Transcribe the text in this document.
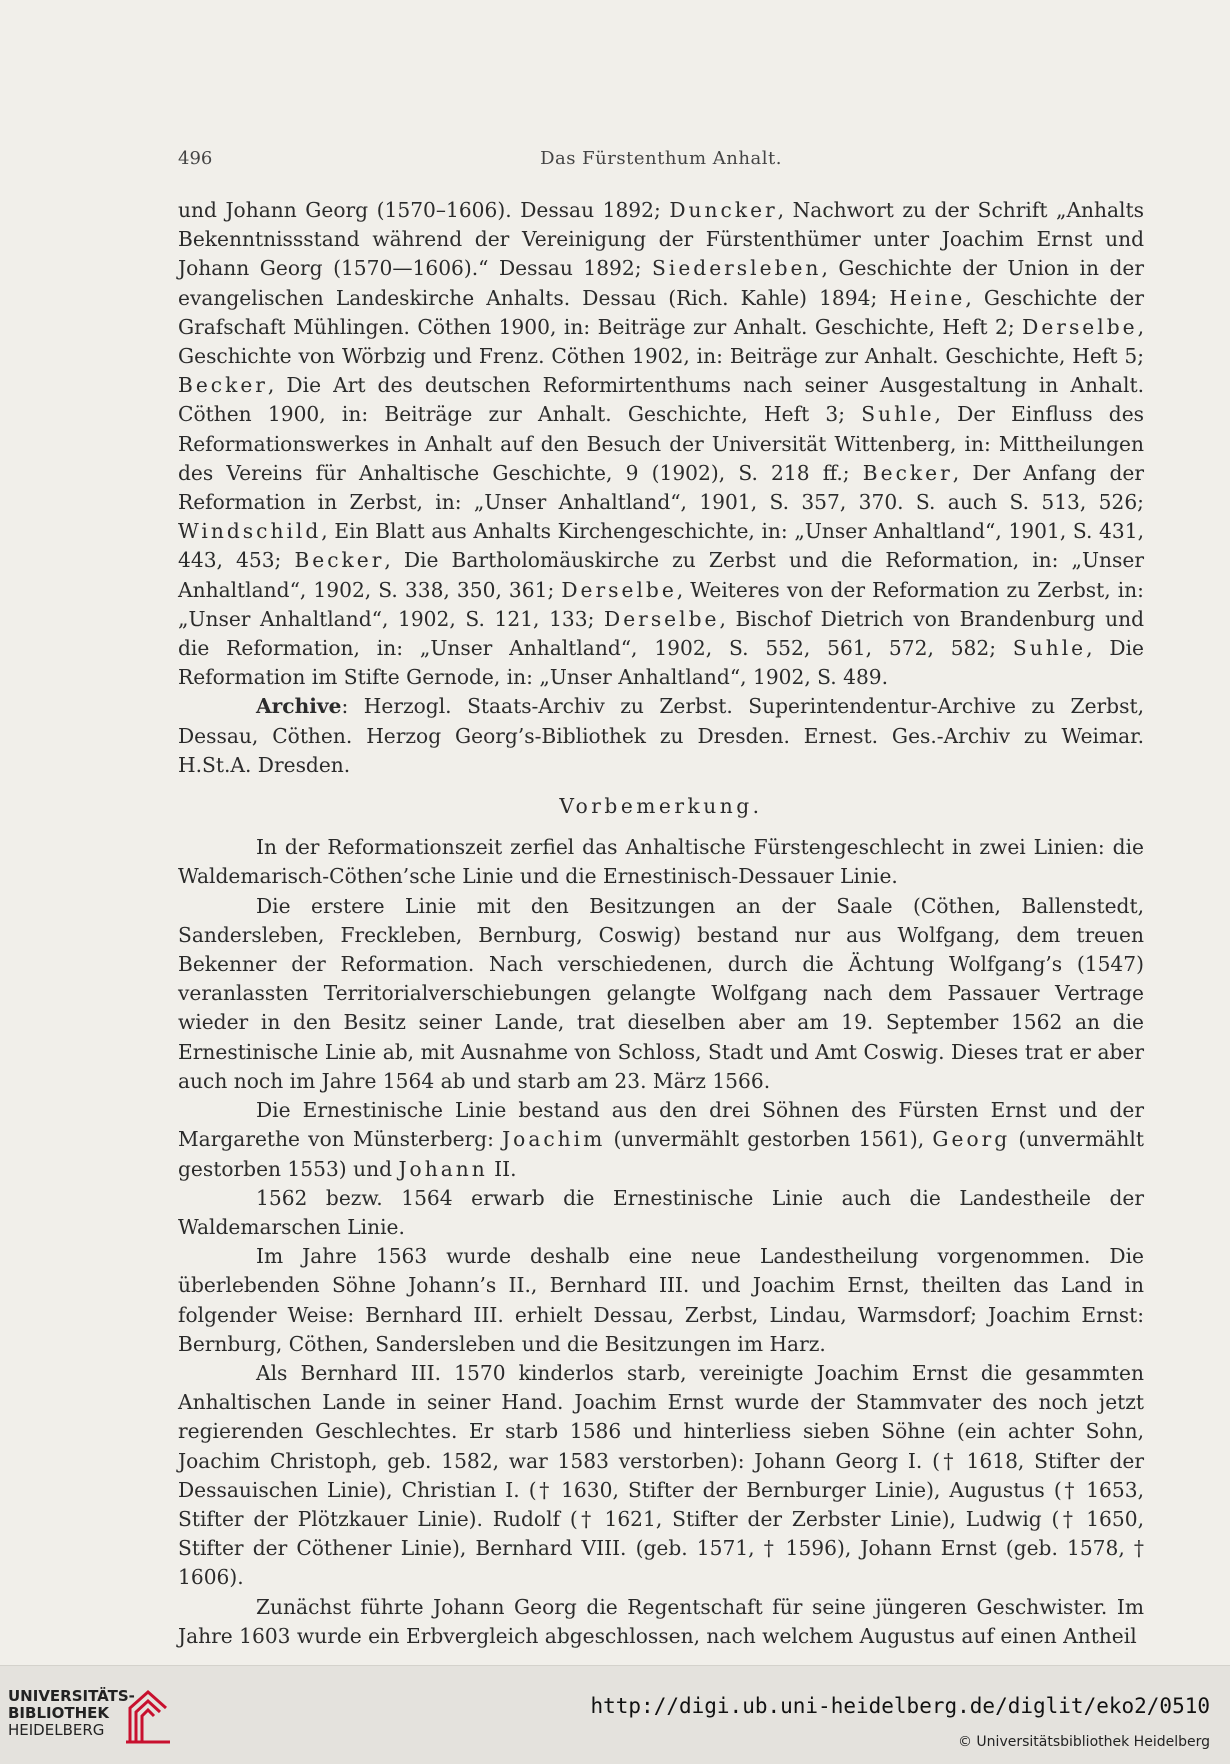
496	Das Fürstenthum Anhalt.

und Johann Georg (1570–1606). Dessau 1892; Duncker, Nachwort zu der Schrift „Anhalts Bekenntnissstand während der Vereinigung der Fürstenthümer unter Joachim Ernst und Johann Georg (1570—1606).“ Dessau 1892; Siedersleben, Geschichte der Union in der evangelischen Landeskirche Anhalts. Dessau (Rich. Kahle) 1894; Heine, Geschichte der Grafschaft Mühlingen. Cöthen 1900, in: Beiträge zur Anhalt. Geschichte, Heft 2; Derselbe, Geschichte von Wörbzig und Frenz. Cöthen 1902, in: Beiträge zur Anhalt. Geschichte, Heft 5; Becker, Die Art des deutschen Reformirtenthums nach seiner Ausgestaltung in Anhalt. Cöthen 1900, in: Beiträge zur Anhalt. Geschichte, Heft 3; Suhle, Der Einfluss des Reformationswerkes in Anhalt auf den Besuch der Universität Wittenberg, in: Mittheilungen des Vereins für Anhaltische Geschichte, 9 (1902), S. 218 ff.; Becker, Der Anfang der Reformation in Zerbst, in: „Unser Anhaltland“, 1901, S. 357, 370. S. auch S. 513, 526; Windschild, Ein Blatt aus Anhalts Kirchengeschichte, in: „Unser Anhaltland“, 1901, S. 431, 443, 453; Becker, Die Bartholomäuskirche zu Zerbst und die Reformation, in: „Unser Anhaltland“, 1902, S. 338, 350, 361; Derselbe, Weiteres von der Reformation zu Zerbst, in: „Unser Anhaltland“, 1902, S. 121, 133; Derselbe, Bischof Dietrich von Brandenburg und die Reformation, in: „Unser Anhaltland“, 1902, S. 552, 561, 572, 582; Suhle, Die Reformation im Stifte Gernode, in: „Unser Anhaltland“, 1902, S. 489.

Archive: Herzogl. Staats-Archiv zu Zerbst. Superintendentur-Archive zu Zerbst, Dessau, Cöthen. Herzog Georg’s-Bibliothek zu Dresden. Ernest. Ges.-Archiv zu Weimar. H.St.A. Dresden.

Vorbemerkung.

In der Reformationszeit zerfiel das Anhaltische Fürstengeschlecht in zwei Linien: die Waldemarisch-Cöthen’sche Linie und die Ernestinisch-Dessauer Linie.

Die erstere Linie mit den Besitzungen an der Saale (Cöthen, Ballenstedt, Sandersleben, Freckleben, Bernburg, Coswig) bestand nur aus Wolfgang, dem treuen Bekenner der Reformation. Nach verschiedenen, durch die Ächtung Wolfgang’s (1547) veranlassten Territorialverschiebungen gelangte Wolfgang nach dem Passauer Vertrage wieder in den Besitz seiner Lande, trat dieselben aber am 19. September 1562 an die Ernestinische Linie ab, mit Ausnahme von Schloss, Stadt und Amt Coswig. Dieses trat er aber auch noch im Jahre 1564 ab und starb am 23. März 1566.

Die Ernestinische Linie bestand aus den drei Söhnen des Fürsten Ernst und der Margarethe von Münsterberg: Joachim (unvermählt gestorben 1561), Georg (unvermählt gestorben 1553) und Johann II.

1562 bezw. 1564 erwarb die Ernestinische Linie auch die Landestheile der Waldemarschen Linie.

Im Jahre 1563 wurde deshalb eine neue Landestheilung vorgenommen. Die überlebenden Söhne Johann’s II., Bernhard III. und Joachim Ernst, theilten das Land in folgender Weise: Bernhard III. erhielt Dessau, Zerbst, Lindau, Warmsdorf; Joachim Ernst: Bernburg, Cöthen, Sandersleben und die Besitzungen im Harz.

Als Bernhard III. 1570 kinderlos starb, vereinigte Joachim Ernst die gesammten Anhaltischen Lande in seiner Hand. Joachim Ernst wurde der Stammvater des noch jetzt regierenden Geschlechtes. Er starb 1586 und hinterliess sieben Söhne (ein achter Sohn, Joachim Christoph, geb. 1582, war 1583 verstorben): Johann Georg I. († 1618, Stifter der Dessauischen Linie), Christian I. († 1630, Stifter der Bernburger Linie), Augustus († 1653, Stifter der Plötzkauer Linie). Rudolf († 1621, Stifter der Zerbster Linie), Ludwig († 1650, Stifter der Cöthener Linie), Bernhard VIII. (geb. 1571, † 1596), Johann Ernst (geb. 1578, † 1606).

Zunächst führte Johann Georg die Regentschaft für seine jüngeren Geschwister. Im Jahre 1603 wurde ein Erbvergleich abgeschlossen, nach welchem Augustus auf einen Antheil

UNIVERSITÄTS-
BIBLIOTHEK
HEIDELBERG
http://digi.ub.uni-heidelberg.de/diglit/eko2/0510
© Universitätsbibliothek Heidelberg
